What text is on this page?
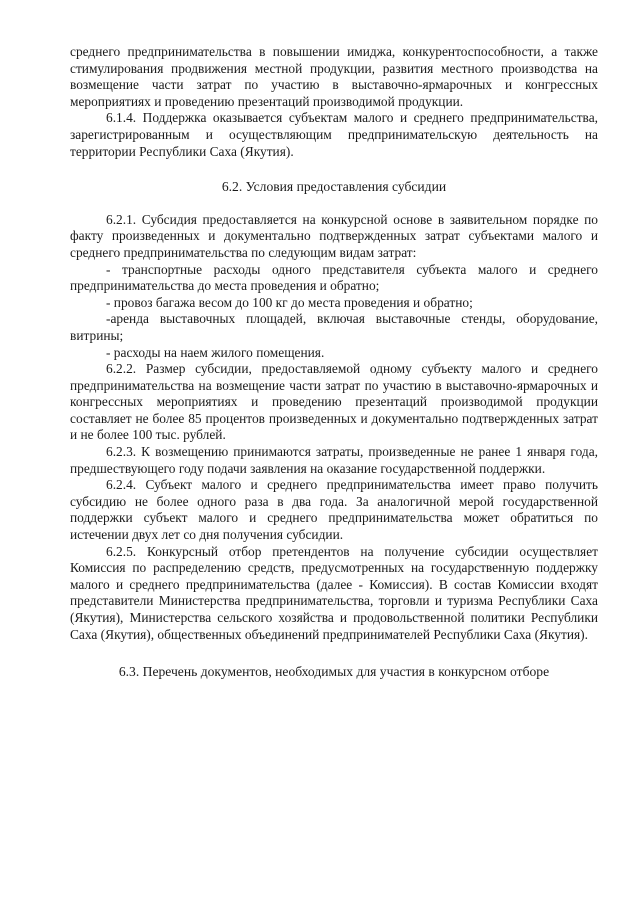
среднего предпринимательства в повышении имиджа, конкурентоспособности, а также стимулирования продвижения местной продукции, развития местного производства на возмещение части затрат по участию в выставочно-ярмарочных и конгрессных мероприятиях и проведению презентаций производимой продукции.

6.1.4. Поддержка оказывается субъектам малого и среднего предпринимательства, зарегистрированным и осуществляющим предпринимательскую деятельность на территории Республики Саха (Якутия).

6.2. Условия предоставления субсидии

6.2.1. Субсидия предоставляется на конкурсной основе в заявительном порядке по факту произведенных и документально подтвержденных затрат субъектами малого и среднего предпринимательства по следующим видам затрат:

- транспортные расходы одного представителя субъекта малого и среднего предпринимательства до места проведения и обратно;

- провоз багажа весом до 100 кг до места проведения и обратно;

-аренда выставочных площадей, включая выставочные стенды, оборудование, витрины;

- расходы на наем жилого помещения.

6.2.2. Размер субсидии, предоставляемой одному субъекту малого и среднего предпринимательства на возмещение части затрат по участию в выставочно-ярмарочных и конгрессных мероприятиях и проведению презентаций производимой продукции составляет не более 85 процентов произведенных и документально подтвержденных затрат и не более 100 тыс. рублей.

6.2.3. К возмещению принимаются затраты, произведенные не ранее 1 января года, предшествующего году подачи заявления на оказание государственной поддержки.

6.2.4. Субъект малого и среднего предпринимательства имеет право получить субсидию не более одного раза в два года. За аналогичной мерой государственной поддержки субъект малого и среднего предпринимательства может обратиться по истечении двух лет со дня получения субсидии.

6.2.5. Конкурсный отбор претендентов на получение субсидии осуществляет Комиссия по распределению средств, предусмотренных на государственную поддержку малого и среднего предпринимательства (далее - Комиссия). В состав Комиссии входят представители Министерства предпринимательства, торговли и туризма Республики Саха (Якутия), Министерства сельского хозяйства и продовольственной политики Республики Саха (Якутия), общественных объединений предпринимателей Республики Саха (Якутия).

6.3. Перечень документов, необходимых для участия в конкурсном отборе
